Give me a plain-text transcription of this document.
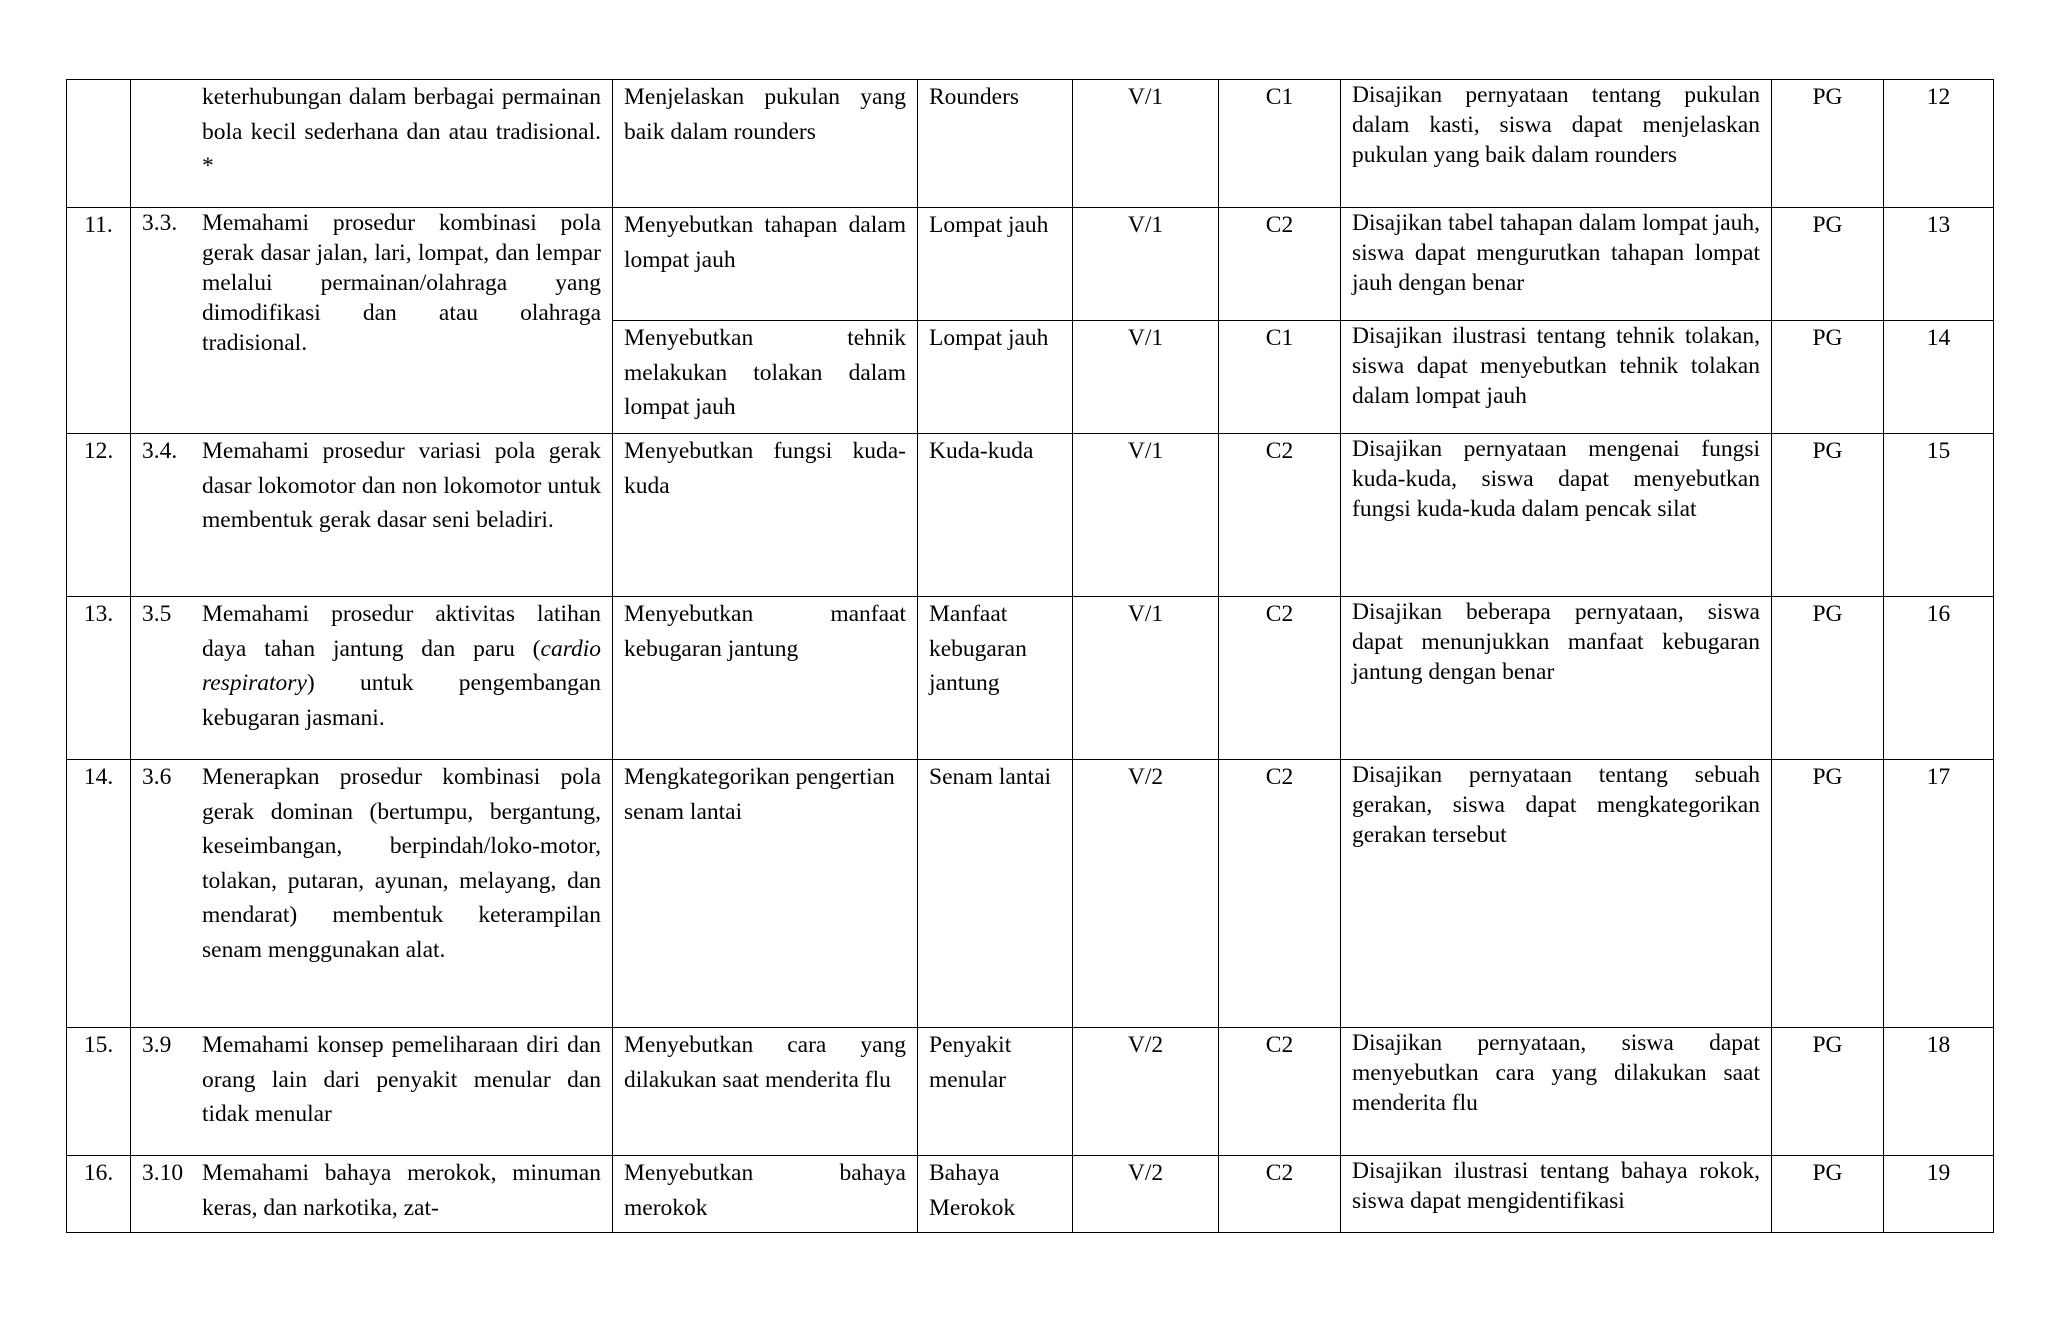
	keterhubungan dalam berbagai permainan bola kecil sederhana dan atau tradisional. *	Menjelaskan pukulan yang baik dalam rounders	Rounders	V/1	C1	Disajikan pernyataan tentang pukulan dalam kasti, siswa dapat menjelaskan pukulan yang baik dalam rounders	PG	12
11.	3.3. Memahami prosedur kombinasi pola gerak dasar jalan, lari, lompat, dan lempar melalui permainan/olahraga yang dimodifikasi dan atau olahraga tradisional.	Menyebutkan tahapan dalam lompat jauh	Lompat jauh	V/1	C2	Disajikan tabel tahapan dalam lompat jauh, siswa dapat mengurutkan tahapan lompat jauh dengan benar	PG	13
		Menyebutkan tehnik melakukan tolakan dalam lompat jauh	Lompat jauh	V/1	C1	Disajikan ilustrasi tentang tehnik tolakan, siswa dapat menyebutkan tehnik tolakan dalam lompat jauh	PG	14
12.	3.4. Memahami prosedur variasi pola gerak dasar lokomotor dan non lokomotor untuk membentuk gerak dasar seni beladiri.	Menyebutkan fungsi kuda-kuda	Kuda-kuda	V/1	C2	Disajikan pernyataan mengenai fungsi kuda-kuda, siswa dapat menyebutkan fungsi kuda-kuda dalam pencak silat	PG	15
13.	3.5 Memahami prosedur aktivitas latihan daya tahan jantung dan paru (cardio respiratory) untuk pengembangan kebugaran jasmani.	Menyebutkan manfaat kebugaran jantung	Manfaat kebugaran jantung	V/1	C2	Disajikan beberapa pernyataan, siswa dapat menunjukkan manfaat kebugaran jantung dengan benar	PG	16
14.	3.6 Menerapkan prosedur kombinasi pola gerak dominan (bertumpu, bergantung, keseimbangan, berpindah/loko-motor, tolakan, putaran, ayunan, melayang, dan mendarat) membentuk keterampilan senam menggunakan alat.	Mengkategorikan pengertian senam lantai	Senam lantai	V/2	C2	Disajikan pernyataan tentang sebuah gerakan, siswa dapat mengkategorikan gerakan tersebut	PG	17
15.	3.9 Memahami konsep pemeliharaan diri dan orang lain dari penyakit menular dan tidak menular	Menyebutkan cara yang dilakukan saat menderita flu	Penyakit menular	V/2	C2	Disajikan pernyataan, siswa dapat menyebutkan cara yang dilakukan saat menderita flu	PG	18
16.	3.10 Memahami bahaya merokok, minuman keras, dan narkotika, zat-	Menyebutkan bahaya merokok	Bahaya Merokok	V/2	C2	Disajikan ilustrasi tentang bahaya rokok, siswa dapat mengidentifikasi	PG	19
